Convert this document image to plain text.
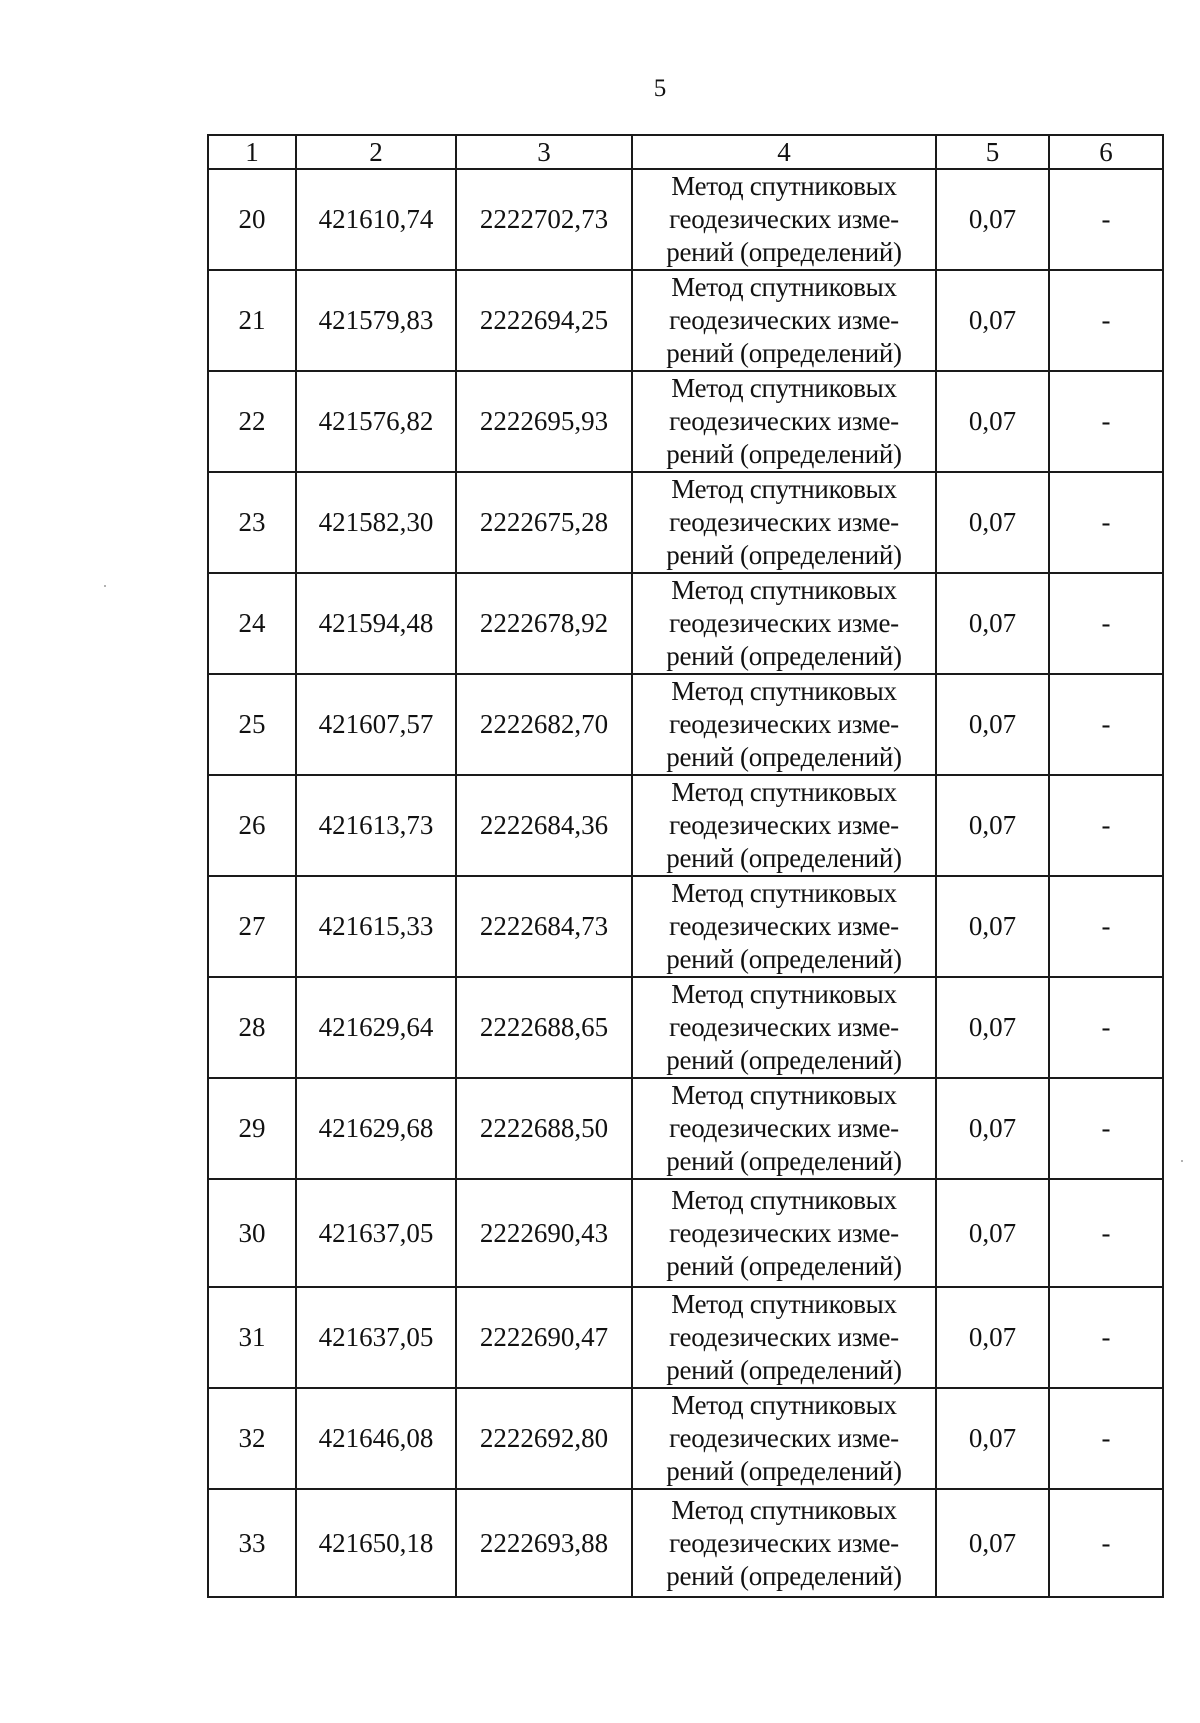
5
1	2	3	4	5	6
20	421610,74	2222702,73	Метод спутниковых
геодезических изме-
рений (определений)	0,07	-
21	421579,83	2222694,25	Метод спутниковых
геодезических изме-
рений (определений)	0,07	-
22	421576,82	2222695,93	Метод спутниковых
геодезических изме-
рений (определений)	0,07	-
23	421582,30	2222675,28	Метод спутниковых
геодезических изме-
рений (определений)	0,07	-
24	421594,48	2222678,92	Метод спутниковых
геодезических изме-
рений (определений)	0,07	-
25	421607,57	2222682,70	Метод спутниковых
геодезических изме-
рений (определений)	0,07	-
26	421613,73	2222684,36	Метод спутниковых
геодезических изме-
рений (определений)	0,07	-
27	421615,33	2222684,73	Метод спутниковых
геодезических изме-
рений (определений)	0,07	-
28	421629,64	2222688,65	Метод спутниковых
геодезических изме-
рений (определений)	0,07	-
29	421629,68	2222688,50	Метод спутниковых
геодезических изме-
рений (определений)	0,07	-
30	421637,05	2222690,43	Метод спутниковых
геодезических изме-
рений (определений)	0,07	-
31	421637,05	2222690,47	Метод спутниковых
геодезических изме-
рений (определений)	0,07	-
32	421646,08	2222692,80	Метод спутниковых
геодезических изме-
рений (определений)	0,07	-
33	421650,18	2222693,88	Метод спутниковых
геодезических изме-
рений (определений)	0,07	-
